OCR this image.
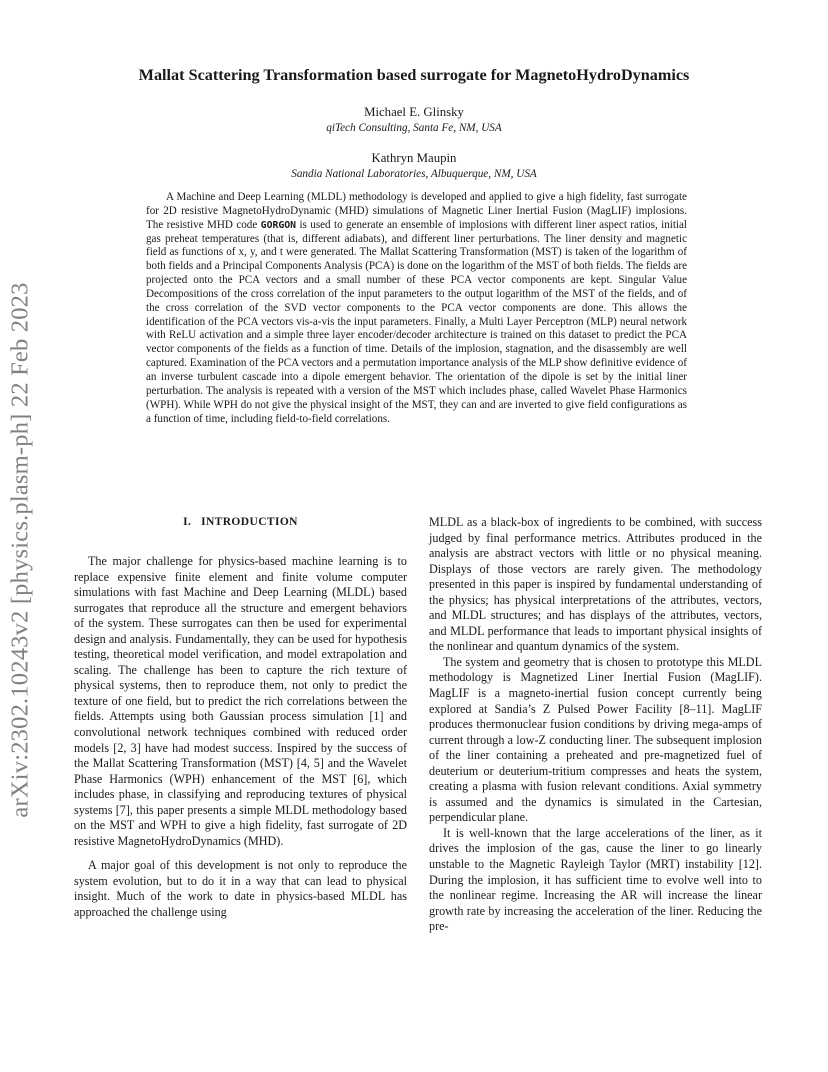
arXiv:2302.10243v2 [physics.plasm-ph] 22 Feb 2023
Mallat Scattering Transformation based surrogate for MagnetoHydroDynamics
Michael E. Glinsky
qiTech Consulting, Santa Fe, NM, USA
Kathryn Maupin
Sandia National Laboratories, Albuquerque, NM, USA

A Machine and Deep Learning (MLDL) methodology is developed and applied to give a high fidelity, fast surrogate for 2D resistive MagnetoHydroDynamic (MHD) simulations of Magnetic Liner Inertial Fusion (MagLIF) implosions. The resistive MHD code GORGON is used to generate an ensemble of implosions with different liner aspect ratios, initial gas preheat temperatures (that is, different adiabats), and different liner perturbations. The liner density and magnetic field as functions of x, y, and t were generated. The Mallat Scattering Transformation (MST) is taken of the logarithm of both fields and a Principal Components Analysis (PCA) is done on the logarithm of the MST of both fields. The fields are projected onto the PCA vectors and a small number of these PCA vector components are kept. Singular Value Decompositions of the cross correlation of the input parameters to the output logarithm of the MST of the fields, and of the cross correlation of the SVD vector components to the PCA vector components are done. This allows the identification of the PCA vectors vis-a-vis the input parameters. Finally, a Multi Layer Perceptron (MLP) neural network with ReLU activation and a simple three layer encoder/decoder architecture is trained on this dataset to predict the PCA vector components of the fields as a function of time. Details of the implosion, stagnation, and the disassembly are well captured. Examination of the PCA vectors and a permutation importance analysis of the MLP show definitive evidence of an inverse turbulent cascade into a dipole emergent behavior. The orientation of the dipole is set by the initial liner perturbation. The analysis is repeated with a version of the MST which includes phase, called Wavelet Phase Harmonics (WPH). While WPH do not give the physical insight of the MST, they can and are inverted to give field configurations as a function of time, including field-to-field correlations.

I. INTRODUCTION

The major challenge for physics-based machine learning is to replace expensive finite element and finite volume computer simulations with fast Machine and Deep Learning (MLDL) based surrogates that reproduce all the structure and emergent behaviors of the system. These surrogates can then be used for experimental design and analysis. Fundamentally, they can be used for hypothesis testing, theoretical model verification, and model extrapolation and scaling. The challenge has been to capture the rich texture of physical systems, then to reproduce them, not only to predict the texture of one field, but to predict the rich correlations between the fields. Attempts using both Gaussian process simulation [1] and convolutional network techniques combined with reduced order models [2, 3] have had modest success. Inspired by the success of the Mallat Scattering Transformation (MST) [4, 5] and the Wavelet Phase Harmonics (WPH) enhancement of the MST [6], which includes phase, in classifying and reproducing textures of physical systems [7], this paper presents a simple MLDL methodology based on the MST and WPH to give a high fidelity, fast surrogate of 2D resistive MagnetoHydroDynamics (MHD).

A major goal of this development is not only to reproduce the system evolution, but to do it in a way that can lead to physical insight. Much of the work to date in physics-based MLDL has approached the challenge using

MLDL as a black-box of ingredients to be combined, with success judged by final performance metrics. Attributes produced in the analysis are abstract vectors with little or no physical meaning. Displays of those vectors are rarely given. The methodology presented in this paper is inspired by fundamental understanding of the physics; has physical interpretations of the attributes, vectors, and MLDL structures; and has displays of the attributes, vectors, and MLDL performance that leads to important physical insights of the nonlinear and quantum dynamics of the system.

The system and geometry that is chosen to prototype this MLDL methodology is Magnetized Liner Inertial Fusion (MagLIF). MagLIF is a magneto-inertial fusion concept currently being explored at Sandia’s Z Pulsed Power Facility [8–11]. MagLIF produces thermonuclear fusion conditions by driving mega-amps of current through a low-Z conducting liner. The subsequent implosion of the liner containing a preheated and pre-magnetized fuel of deuterium or deuterium-tritium compresses and heats the system, creating a plasma with fusion relevant conditions. Axial symmetry is assumed and the dynamics is simulated in the Cartesian, perpendicular plane.

It is well-known that the large accelerations of the liner, as it drives the implosion of the gas, cause the liner to go linearly unstable to the Magnetic Rayleigh Taylor (MRT) instability [12]. During the implosion, it has sufficient time to evolve well into to the nonlinear regime. Increasing the AR will increase the linear growth rate by increasing the acceleration of the liner. Reducing the pre-
